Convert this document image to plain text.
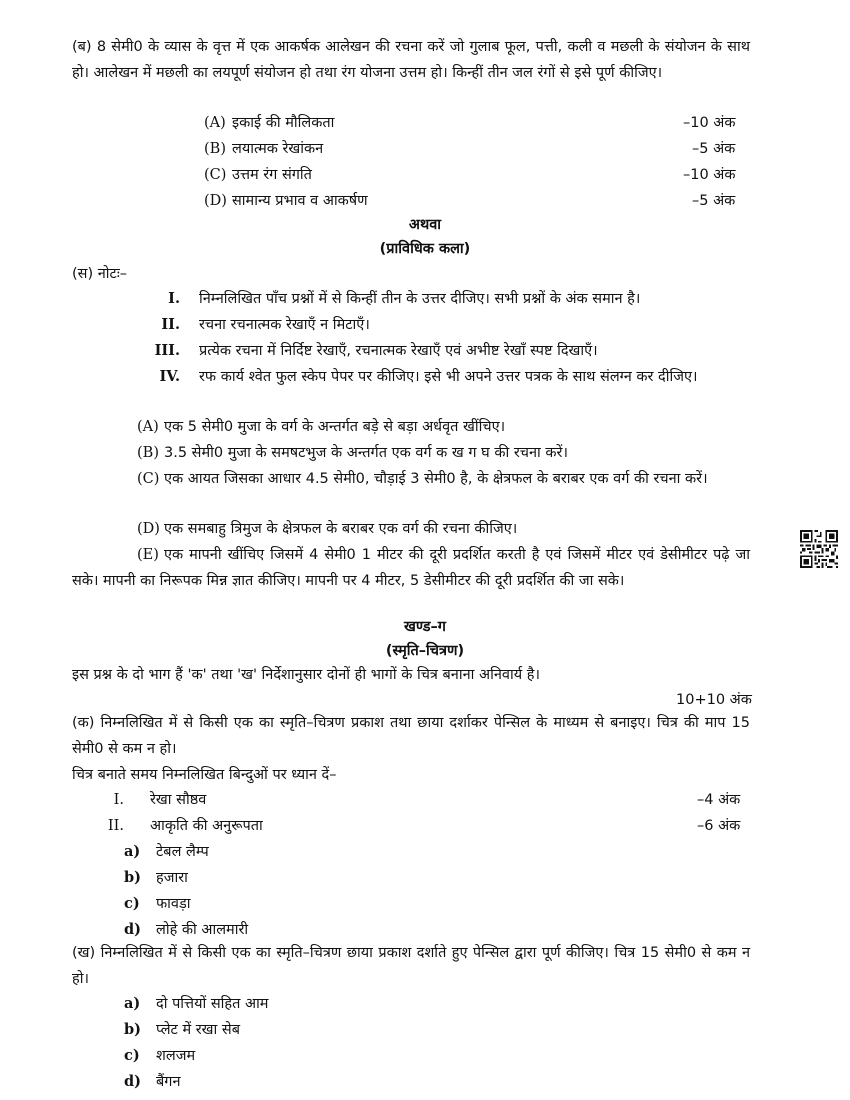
(ब) 8 सेमी0 के व्यास के वृत्त में एक आकर्षक आलेखन की रचना करें जो गुलाब फूल, पत्ती, कली व मछली के संयोजन के साथ हो। आलेखन में मछली का लयपूर्ण संयोजन हो तथा रंग योजना उत्तम हो। किन्हीं तीन जल रंगों से इसे पूर्ण कीजिए।
(A) इकाई की मौलिकता	–10 अंक
(B) लयात्मक रेखांकन	–5 अंक
(C) उत्तम रंग संगति	–10 अंक
(D) सामान्य प्रभाव व आकर्षण	–5 अंक
अथवा
(प्राविधिक कला)
(स) नोटः–
I. निम्नलिखित पाँच प्रश्नों में से किन्हीं तीन के उत्तर दीजिए। सभी प्रश्नों के अंक समान है।
II. रचना रचनात्मक रेखाएँ न मिटाएँ।
III. प्रत्येक रचना में निर्दिष्ट रेखाएँ, रचनात्मक रेखाएँ एवं अभीष्ट रेखाँ स्पष्ट दिखाएँ।
IV. रफ कार्य श्वेत फुल स्केप पेपर पर कीजिए। इसे भी अपने उत्तर पत्रक के साथ संलग्न कर दीजिए।
(A) एक 5 सेमी0 मुजा के वर्ग के अन्तर्गत बड़े से बड़ा अर्धवृत खींचिए।
(B) 3.5 सेमी0 मुजा के समषटभुज के अन्तर्गत एक वर्ग क ख ग घ की रचना करें।
(C) एक आयत जिसका आधार 4.5 सेमी0, चौड़ाई 3 सेमी0 है, के क्षेत्रफल के बराबर एक वर्ग की रचना करें।
(D) एक समबाहु त्रिमुज के क्षेत्रफल के बराबर एक वर्ग की रचना कीजिए।
(E) एक मापनी खींचिए जिसमें 4 सेमी0 1 मीटर की दूरी प्रदर्शित करती है एवं जिसमें मीटर एवं डेसीमीटर पढ़े जा सके। मापनी का निरूपक मिन्न ज्ञात कीजिए। मापनी पर 4 मीटर, 5 डेसीमीटर की दूरी प्रदर्शित की जा सके।
खण्ड–ग
(स्मृति–चित्रण)
इस प्रश्न के दो भाग हैं 'क' तथा 'ख' निर्देशानुसार दोनों ही भागों के चित्र बनाना अनिवार्य है।
10+10 अंक
(क) निम्नलिखित में से किसी एक का स्मृति–चित्रण प्रकाश तथा छाया दर्शाकर पेन्सिल के माध्यम से बनाइए। चित्र की माप 15 सेमी0 से कम न हो।
चित्र बनाते समय निम्नलिखित बिन्दुओं पर ध्यान दें–
I. रेखा सौष्ठव	–4 अंक
II. आकृति की अनुरूपता	–6 अंक
a) टेबल लैम्प
b) हजारा
c) फावड़ा
d) लोहे की आलमारी
(ख) निम्नलिखित में से किसी एक का स्मृति–चित्रण छाया प्रकाश दर्शाते हुए पेन्सिल द्वारा पूर्ण कीजिए। चित्र 15 सेमी0 से कम न हो।
a) दो पत्तियों सहित आम
b) प्लेट में रखा सेब
c) शलजम
d) बैंगन
